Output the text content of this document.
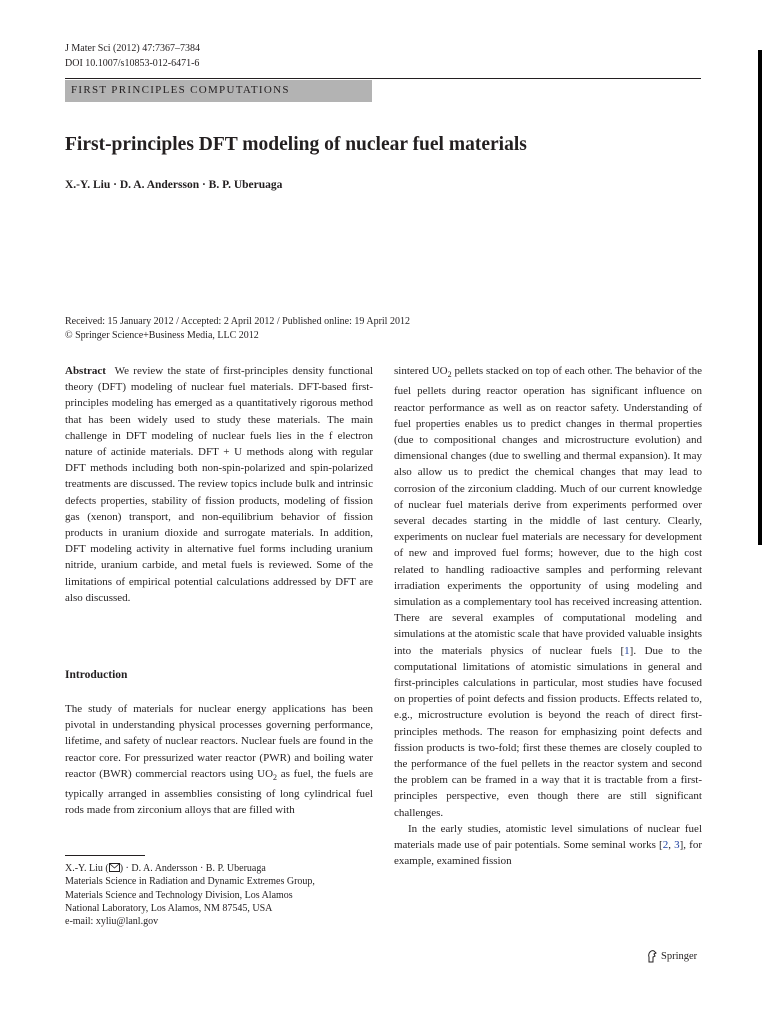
J Mater Sci (2012) 47:7367–7384
DOI 10.1007/s10853-012-6471-6
FIRST PRINCIPLES COMPUTATIONS
First-principles DFT modeling of nuclear fuel materials
X.-Y. Liu · D. A. Andersson · B. P. Uberuaga
Received: 15 January 2012 / Accepted: 2 April 2012 / Published online: 19 April 2012
© Springer Science+Business Media, LLC 2012

Abstract We review the state of first-principles density functional theory (DFT) modeling of nuclear fuel materials. DFT-based first-principles modeling has emerged as a quantitatively rigorous method that has been widely used to study these materials. The main challenge in DFT modeling of nuclear fuels lies in the f electron nature of actinide materials. DFT + U methods along with regular DFT methods including both non-spin-polarized and spin-polarized treatments are discussed. The review topics include bulk and intrinsic defects properties, stability of fission products, modeling of fission gas (xenon) transport, and non-equilibrium behavior of fission products in uranium dioxide and surrogate materials. In addition, DFT modeling activity in alternative fuel forms including uranium nitride, uranium carbide, and metal fuels is reviewed. Some of the limitations of empirical potential calculations addressed by DFT are also discussed.

Introduction

The study of materials for nuclear energy applications has been pivotal in understanding physical processes governing performance, lifetime, and safety of nuclear reactors. Nuclear fuels are found in the reactor core. For pressurized water reactor (PWR) and boiling water reactor (BWR) commercial reactors using $UO_2$ as fuel, the fuels are typically arranged in assemblies consisting of long cylindrical fuel rods made from zirconium alloys that are filled with

X.-Y. Liu ( ) · D. A. Andersson · B. P. Uberuaga
Materials Science in Radiation and Dynamic Extremes Group,
Materials Science and Technology Division, Los Alamos
National Laboratory, Los Alamos, NM 87545, USA
e-mail: xyliu@lanl.gov

sintered $UO_2$ pellets stacked on top of each other. The behavior of the fuel pellets during reactor operation has significant influence on reactor performance as well as on reactor safety. Understanding of fuel properties enables us to predict changes in thermal properties (due to compositional changes and microstructure evolution) and dimensional changes (due to swelling and thermal expansion). It may also allow us to predict the chemical changes that may lead to corrosion of the zirconium cladding. Much of our current knowledge of nuclear fuel materials derive from experiments performed over several decades starting in the middle of last century. Clearly, experiments on nuclear fuel materials are necessary for development of new and improved fuel forms; however, due to the high cost related to handling radioactive samples and performing relevant irradiation experiments the opportunity of using modeling and simulation as a complementary tool has received increasing attention. There are several examples of computational modeling and simulations at the atomistic scale that have provided valuable insights into the materials physics of nuclear fuels [1]. Due to the computational limitations of atomistic simulations in general and first-principles calculations in particular, most studies have focused on properties of point defects and fission products. Effects related to, e.g., microstructure evolution is beyond the reach of direct first-principles methods. The reason for emphasizing point defects and fission products is two-fold; first these themes are closely coupled to the performance of the fuel pellets in the reactor system and second the problem can be framed in a way that it is tractable from a first-principles perspective, even though there are still significant challenges.

In the early studies, atomistic level simulations of nuclear fuel materials made use of pair potentials. Some seminal works [2, 3], for example, examined fission

Springer
